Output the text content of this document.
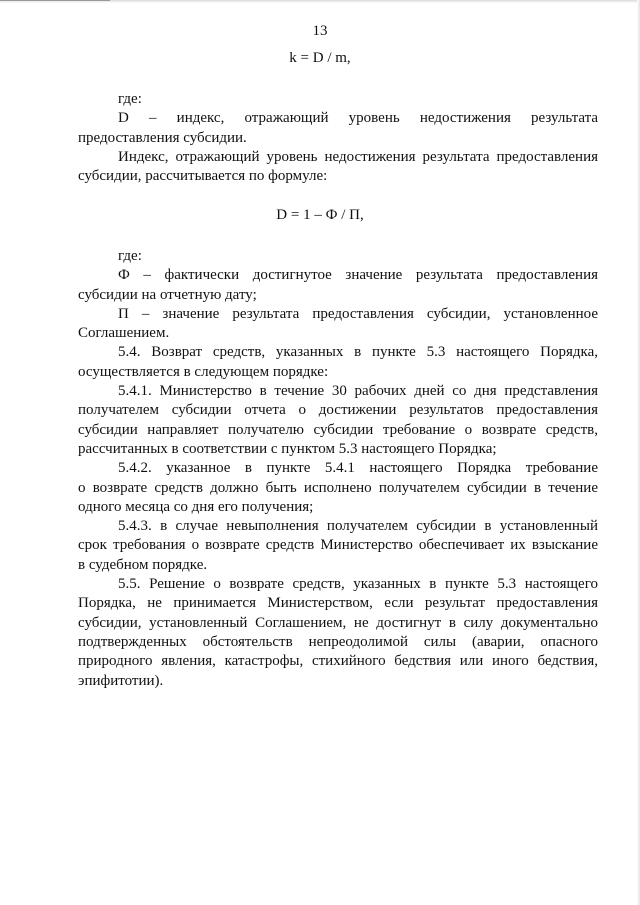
13
k = D / m,
где:
D – индекс, отражающий уровень недостижения результата
предоставления субсидии.
Индекс, отражающий уровень недостижения результата предоставления
субсидии, рассчитывается по формуле:
D = 1 – Ф / П,
где:
Ф – фактически достигнутое значение результата предоставления
субсидии на отчетную дату;
П – значение результата предоставления субсидии, установленное
Соглашением.
5.4. Возврат средств, указанных в пункте 5.3 настоящего Порядка,
осуществляется в следующем порядке:
5.4.1. Министерство в течение 30 рабочих дней со дня представления
получателем субсидии отчета о достижении результатов предоставления
субсидии направляет получателю субсидии требование о возврате средств,
рассчитанных в соответствии с пунктом 5.3 настоящего Порядка;
5.4.2. указанное в пункте 5.4.1 настоящего Порядка требование
о возврате средств должно быть исполнено получателем субсидии в течение
одного месяца со дня его получения;
5.4.3. в случае невыполнения получателем субсидии в установленный
срок требования о возврате средств Министерство обеспечивает их взыскание
в судебном порядке.
5.5. Решение о возврате средств, указанных в пункте 5.3 настоящего
Порядка, не принимается Министерством, если результат предоставления
субсидии, установленный Соглашением, не достигнут в силу документально
подтвержденных обстоятельств непреодолимой силы (аварии, опасного
природного явления, катастрофы, стихийного бедствия или иного бедствия,
эпифитотии).
